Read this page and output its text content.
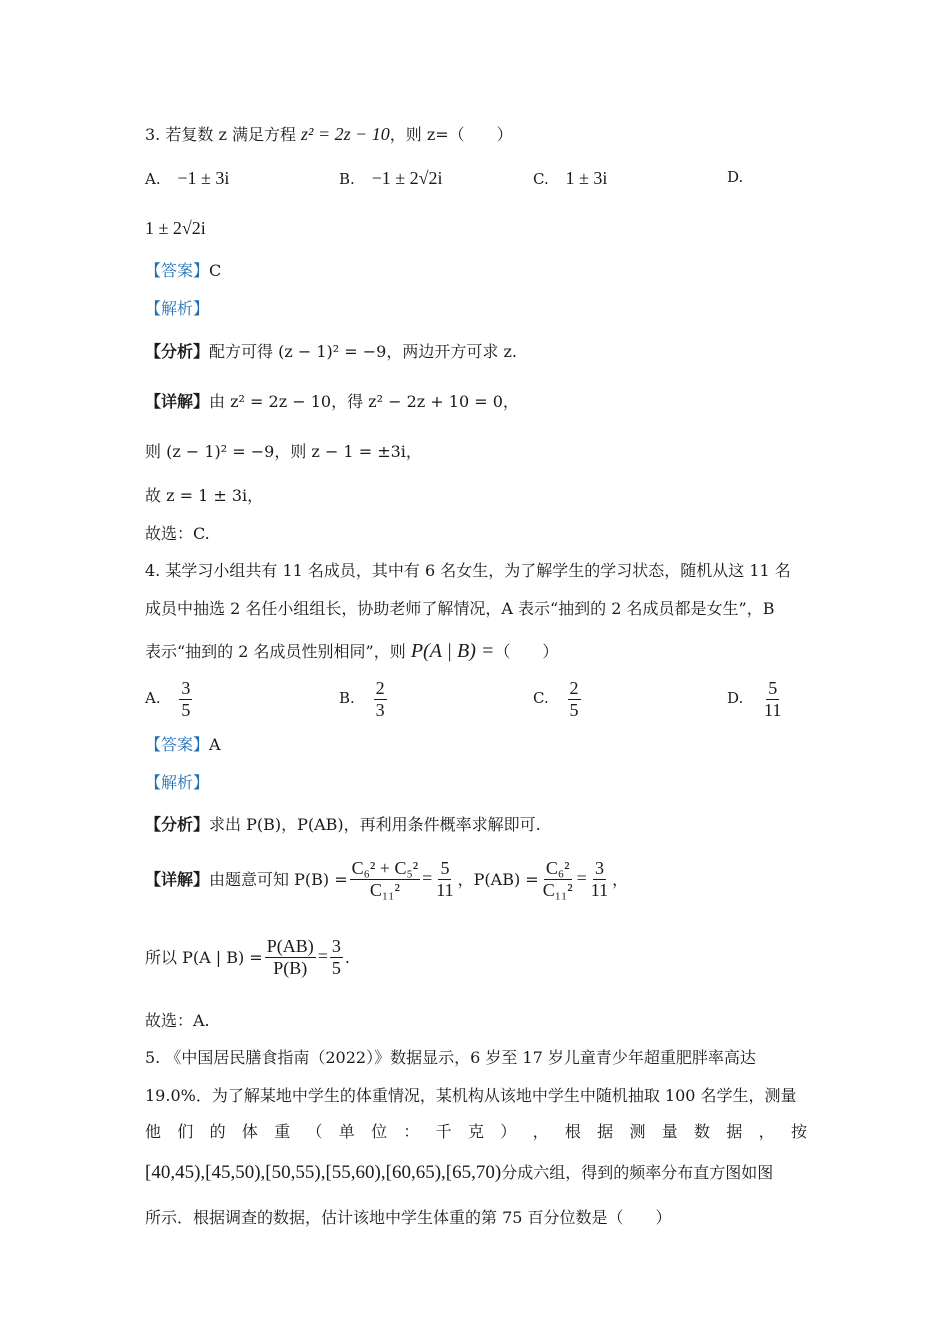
3. 若复数 z 满足方程 z² = 2z − 10，则 z=（　　）
A. −1 ± 3i	B. −1 ± 2√2i	C. 1 ± 3i	D.
1 ± 2√2i
【答案】C
【解析】
【分析】配方可得 (z − 1)² = −9，两边开方可求 z.
【详解】由 z² = 2z − 10，得 z² − 2z + 10 = 0，
则 (z − 1)² = −9，则 z − 1 = ±3i，
故 z = 1 ± 3i，
故选：C.
4. 某学习小组共有 11 名成员，其中有 6 名女生，为了解学生的学习状态，随机从这 11 名
成员中抽选 2 名任小组组长，协助老师了解情况，A 表示“抽到的 2 名成员都是女生”，B
表示“抽到的 2 名成员性别相同”，则 P(A | B) =（　　）
A. $\frac{3}{5}$	B. $\frac{2}{3}$	C. $\frac{2}{5}$	D. $\frac{5}{11}$
【答案】A
【解析】
【分析】求出 P(B)，P(AB)，再利用条件概率求解即可.
【详解】 由题意可知 $P(B) = \frac{\text{C₆² + C₅²}}{\text{C₁₁²}} = \frac{5}{11}$ ，$P(AB) = \frac{\text{C₆²}}{\text{C₁₁²}} = \frac{3}{11}$ ，
所以 P(A | $B) = \frac{P(AB)}{P(B)} = \frac{3}{5}$ .
故选：A.
5. 《中国居民膳食指南（2022）》数据显示，6 岁至 17 岁儿童青少年超重肥胖率高达
19.0%．为了解某地中学生的体重情况，某机构从该地中学生中随机抽取 100 名学生，测量
他 们 的 体 重 （ 单 位 ： 千 克 ） ， 根 据 测 量 数 据 ， 按
[40,45),[45,50),[50,55),[55,60),[60,65),[65,70)分成六组，得到的频率分布直方图如图
所示．根据调查的数据，估计该地中学生体重的第 75 百分位数是（　　）
